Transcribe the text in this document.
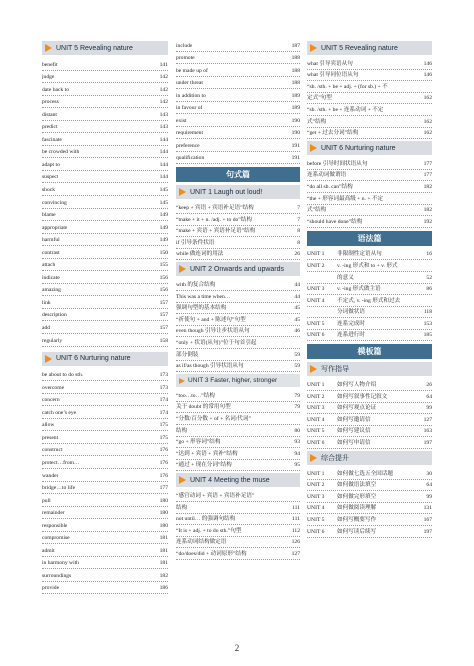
UNIT 5 Revealing nature
benefit	141
judge	142
date back to	142
process	142
distant	143
predict	143
fascinate	144
be crowded with	144
adapt to	144
suspect	144
shock	145
convincing	145
blame	149
appropriate	149
harmful	149
contrast	150
attach	155
indicate	156
amazing	156
link	157
description	157
add	157
regularly	158
UNIT 6 Nurturing nature
be about to do sth.	173
overcome	173
concern	174
catch one’s eye	174
allow	175
present	175
construct	176
protect…from…	176
wander	176
bridge…to life	177
pull	180
remainder	180
responsible	180
compromise	181
admit	181
in harmony with	181
surroundings	182
provide	186
include	187
promote	188
be made up of	188
under threat	188
in addition to	189
in favour of	189
exist	190
requirement	190
preference	191
qualification	191
句式篇
UNIT 1 Laugh out loud!
“keep + 宾语 + 宾语补足语”结构	7
“make + it + n. /adj. + to do”结构	7
“make + 宾语 + 宾语补足语”结构	8
if 引导条件状语	8
while 做连词的用法	26
UNIT 2 Onwards and upwards
with 的复合结构	44
This was a time when…	44
强调句型的基本结构	45
“祈使句 + and + 陈述句”句型	45
even though 引导让步状语从句	46
“only + 状语(从句)”位于句首引起
部分倒装	59
as if/as though 引导状语从句	59
UNIT 3 Faster, higher, stronger
“too…to…”结构	79
关于 doubt 的常用句型	79
“分数/百分数 + of + 名词/代词”
结构	80
“go + 形容词”结构	93
“达到 + 宾语 + 宾补”结构	94
“通过 + 现在分词”结构	95
UNIT 4 Meeting the muse
“感官动词 + 宾语 + 宾语补足语”
结构	111
not until… 的强调句结构	111
“It is + adj. + to do sth.”句型	112
连系动词结构做定语	126
“do/does/did + 动词原形”结构	127
UNIT 5 Revealing nature
what 引导宾语从句	146
what 引导同位语从句	146
“sb. /sth. + be + adj. + (for sb.) + 不
定式”句型	162
“sb. /sth. + be + 连系动词 + 不定
式”结构	162
“get + 过去分词”结构	162
UNIT 6 Nurturing nature
before 引导时间状语从句	177
连系动词做谓语	177
“do all sb. can”结构	182
“the + 形容词最高级 + n. + 不定
式”结构	182
“should have done”结构	192
语法篇
UNIT 1	非限制性定语从句	16
UNIT 2	v. -ing 形式和 to + v. 形式
的意义	52
UNIT 3	v. -ing 形式做主语	86
UNIT 4	不定式, v. -ing 形式和过去
分词做状语	118
UNIT 5	连系完成时	153
UNIT 6	连系进行时	185
模板篇
写作指导
UNIT 1	如何写人物介绍	26
UNIT 2	如何写叙事性记叙文	64
UNIT 3	如何写观点论证	99
UNIT 4	如何写邀请信	127
UNIT 5	如何写建议信	163
UNIT 6	如何写申请信	197
综合提升
UNIT 1	如何做七选五全国话题	30
UNIT 2	如何做语法填空	64
UNIT 3	如何做完形填空	99
UNIT 4	如何做阅读理解	131
UNIT 5	如何写概要写作	167
UNIT 6	如何写读后续写	197
2
